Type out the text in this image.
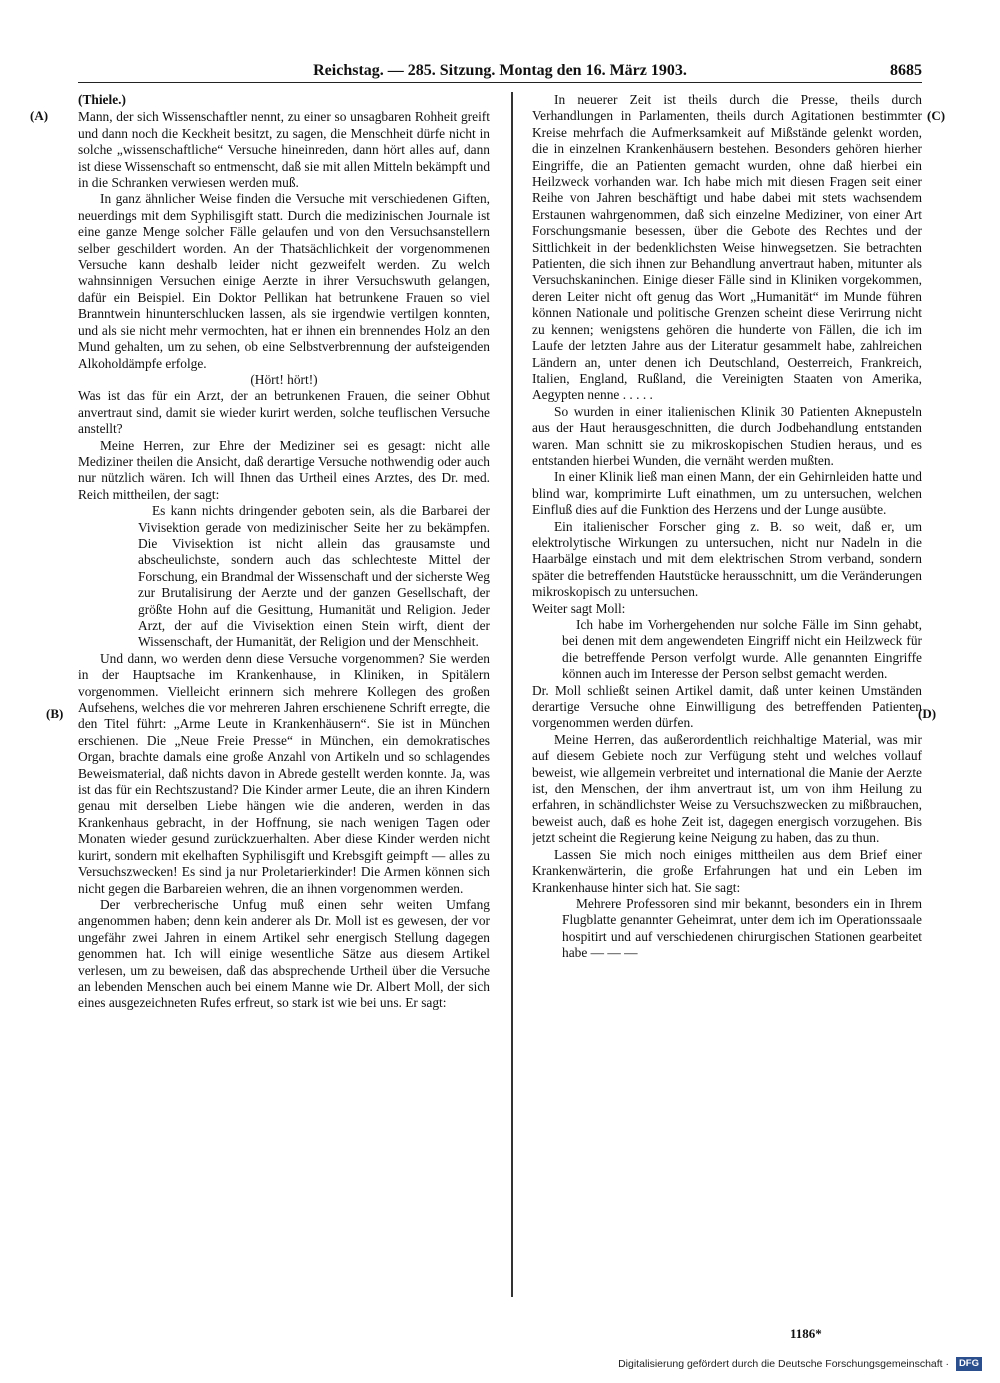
Reichstag. — 285. Sitzung. Montag den 16. März 1903.	8685
(A)
(B)
(C)
(D)

(Thiele.)

Mann, der sich Wissenschaftler nennt, zu einer so unsagbaren Rohheit greift und dann noch die Keckheit besitzt, zu sagen, die Menschheit dürfe nicht in solche „wissenschaftliche“ Versuche hineinreden, dann hört alles auf, dann ist diese Wissenschaft so entmenscht, daß sie mit allen Mitteln bekämpft und in die Schranken verwiesen werden muß.

In ganz ähnlicher Weise finden die Versuche mit verschiedenen Giften, neuerdings mit dem Syphilisgift statt. Durch die medizinischen Journale ist eine ganze Menge solcher Fälle gelaufen und von den Versuchsanstellern selber geschildert worden. An der Thatsächlichkeit der vorgenommenen Versuche kann deshalb leider nicht gezweifelt werden. Zu welch wahnsinnigen Versuchen einige Aerzte in ihrer Versuchswuth gelangen, dafür ein Beispiel. Ein Doktor Pellikan hat betrunkene Frauen so viel Branntwein hinunterschlucken lassen, als sie irgendwie vertilgen konnten, und als sie nicht mehr vermochten, hat er ihnen ein brennendes Holz an den Mund gehalten, um zu sehen, ob eine Selbstverbrennung der aufsteigenden Alkoholdämpfe erfolge.

(Hört! hört!)

Was ist das für ein Arzt, der an betrunkenen Frauen, die seiner Obhut anvertraut sind, damit sie wieder kurirt werden, solche teuflischen Versuche anstellt?

Meine Herren, zur Ehre der Mediziner sei es gesagt: nicht alle Mediziner theilen die Ansicht, daß derartige Versuche nothwendig oder auch nur nützlich wären. Ich will Ihnen das Urtheil eines Arztes, des Dr. med. Reich mittheilen, der sagt:

Es kann nichts dringender geboten sein, als die Barbarei der Vivisektion gerade von medizinischer Seite her zu bekämpfen. Die Vivisektion ist nicht allein das grausamste und abscheulichste, sondern auch das schlechteste Mittel der Forschung, ein Brandmal der Wissenschaft und der sicherste Weg zur Brutalisirung der Aerzte und der ganzen Gesellschaft, der größte Hohn auf die Gesittung, Humanität und Religion. Jeder Arzt, der auf die Vivisektion einen Stein wirft, dient der Wissenschaft, der Humanität, der Religion und der Menschheit.

Und dann, wo werden denn diese Versuche vorgenommen? Sie werden in der Hauptsache im Krankenhause, in Kliniken, in Spitälern vorgenommen. Vielleicht erinnern sich mehrere Kollegen des großen Aufsehens, welches die vor mehreren Jahren erschienene Schrift erregte, die den Titel führt: „Arme Leute in Krankenhäusern“. Sie ist in München erschienen. Die „Neue Freie Presse“ in München, ein demokratisches Organ, brachte damals eine große Anzahl von Artikeln und so schlagendes Beweismaterial, daß nichts davon in Abrede gestellt werden konnte. Ja, was ist das für ein Rechtszustand? Die Kinder armer Leute, die an ihren Kindern genau mit derselben Liebe hängen wie die anderen, werden in das Krankenhaus gebracht, in der Hoffnung, sie nach wenigen Tagen oder Monaten wieder gesund zurückzuerhalten. Aber diese Kinder werden nicht kurirt, sondern mit ekelhaften Syphilisgift und Krebsgift geimpft — alles zu Versuchszwecken! Es sind ja nur Proletarierkinder! Die Armen können sich nicht gegen die Barbareien wehren, die an ihnen vorgenommen werden.

Der verbrecherische Unfug muß einen sehr weiten Umfang angenommen haben; denn kein anderer als Dr. Moll ist es gewesen, der vor ungefähr zwei Jahren in einem Artikel sehr energisch Stellung dagegen genommen hat. Ich will einige wesentliche Sätze aus diesem Artikel verlesen, um zu beweisen, daß das absprechende Urtheil über die Versuche an lebenden Menschen auch bei einem Manne wie Dr. Albert Moll, der sich eines ausgezeichneten Rufes erfreut, so stark ist wie bei uns. Er sagt:

In neuerer Zeit ist theils durch die Presse, theils durch Verhandlungen in Parlamenten, theils durch Agitationen bestimmter Kreise mehrfach die Aufmerksamkeit auf Mißstände gelenkt worden, die in einzelnen Krankenhäusern bestehen. Besonders gehören hierher Eingriffe, die an Patienten gemacht wurden, ohne daß hierbei ein Heilzweck vorhanden war. Ich habe mich mit diesen Fragen seit einer Reihe von Jahren beschäftigt und habe dabei mit stets wachsendem Erstaunen wahrgenommen, daß sich einzelne Mediziner, von einer Art Forschungsmanie besessen, über die Gebote des Rechtes und der Sittlichkeit in der bedenklichsten Weise hinwegsetzen. Sie betrachten Patienten, die sich ihnen zur Behandlung anvertraut haben, mitunter als Versuchskaninchen. Einige dieser Fälle sind in Kliniken vorgekommen, deren Leiter nicht oft genug das Wort „Humanität“ im Munde führen können Nationale und politische Grenzen scheint diese Verirrung nicht zu kennen; wenigstens gehören die hunderte von Fällen, die ich im Laufe der letzten Jahre aus der Literatur gesammelt habe, zahlreichen Ländern an, unter denen ich Deutschland, Oesterreich, Frankreich, Italien, England, Rußland, die Vereinigten Staaten von Amerika, Aegypten nenne . . . . .

So wurden in einer italienischen Klinik 30 Patienten Aknepusteln aus der Haut herausgeschnitten, die durch Jodbehandlung entstanden waren. Man schnitt sie zu mikroskopischen Studien heraus, und es entstanden hierbei Wunden, die vernäht werden mußten.

In einer Klinik ließ man einen Mann, der ein Gehirnleiden hatte und blind war, komprimirte Luft einathmen, um zu untersuchen, welchen Einfluß dies auf die Funktion des Herzens und der Lunge ausübte.

Ein italienischer Forscher ging z. B. so weit, daß er, um elektrolytische Wirkungen zu untersuchen, nicht nur Nadeln in die Haarbälge einstach und mit dem elektrischen Strom verband, sondern später die betreffenden Hautstücke herausschnitt, um die Veränderungen mikroskopisch zu untersuchen.

Weiter sagt Moll:

Ich habe im Vorhergehenden nur solche Fälle im Sinn gehabt, bei denen mit dem angewendeten Eingriff nicht ein Heilzweck für die betreffende Person verfolgt wurde. Alle genannten Eingriffe können auch im Interesse der Person selbst gemacht werden.

Dr. Moll schließt seinen Artikel damit, daß unter keinen Umständen derartige Versuche ohne Einwilligung des betreffenden Patienten vorgenommen werden dürfen.

Meine Herren, das außerordentlich reichhaltige Material, was mir auf diesem Gebiete noch zur Verfügung steht und welches vollauf beweist, wie allgemein verbreitet und international die Manie der Aerzte ist, den Menschen, der ihm anvertraut ist, um von ihm Heilung zu erfahren, in schändlichster Weise zu Versuchszwecken zu mißbrauchen, beweist auch, daß es hohe Zeit ist, dagegen energisch vorzugehen. Bis jetzt scheint die Regierung keine Neigung zu haben, das zu thun.

Lassen Sie mich noch einiges mittheilen aus dem Brief einer Krankenwärterin, die große Erfahrungen hat und ein Leben im Krankenhause hinter sich hat. Sie sagt:

Mehrere Professoren sind mir bekannt, besonders ein in Ihrem Flugblatte genannter Geheimrat, unter dem ich im Operationssaale hospitirt und auf verschiedenen chirurgischen Stationen gearbeitet habe — — —

1186*
Digitalisierung gefördert durch die Deutsche Forschungsgemeinschaft · DFG
